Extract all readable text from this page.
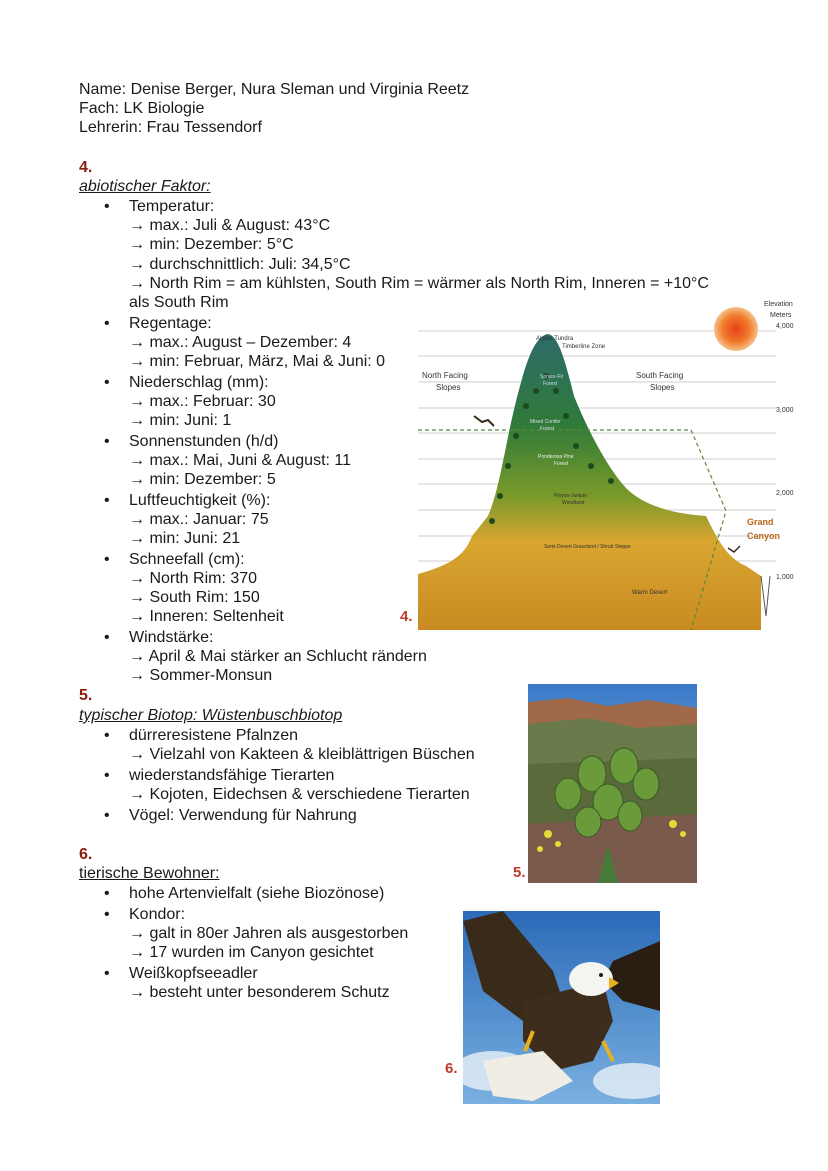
Name: Denise Berger, Nura Sleman und Virginia Reetz
Fach: LK Biologie
Lehrerin: Frau Tessendorf
4.
abiotischer Faktor:
• Temperatur:
→ max.: Juli & August: 43°C
→ min: Dezember: 5°C
→ durchschnittlich: Juli: 34,5°C
→ North Rim = am kühlsten, South Rim = wärmer als North Rim, Inneren = +10°C
als South Rim
• Regentage:
→ max.: August – Dezember: 4
→ min: Februar, März, Mai & Juni: 0
• Niederschlag (mm):
→ max.: Februar: 30
→ min: Juni: 1
• Sonnenstunden (h/d)
→ max.: Mai, Juni & August: 11
→ min: Dezember: 5
• Luftfeuchtigkeit (%):
→ max.: Januar: 75
→ min: Juni: 21
• Schneefall (cm):
→ North Rim: 370
→ South Rim: 150
→ Inneren: Seltenheit
• Windstärke:
→ April & Mai stärker an Schlucht rändern
→ Sommer-Monsun
4.
Alpine Tundra
Timberline Zone
Spruce-Fir
Forest
Mixed Conifer
Forest
Ponderosa Pine
Forest
Pinyon-Juniper
Woodland
Semi-Desert Grassland / Shrub Steppe
Warm Desert
North Facing
Slopes
South Facing
Slopes
Grand
Canyon
Elevation
Meters
4,000
3,000
2,000
1,000
5.
typischer Biotop: Wüstenbuschbiotop
• dürreresistene Pfalnzen
→ Vielzahl von Kakteen & kleiblättrigen Büschen
• wiederstandsfähige Tierarten
→ Kojoten, Eidechsen & verschiedene Tierarten
• Vögel: Verwendung für Nahrung
5.
6.
tierische Bewohner:
• hohe Artenvielfalt (siehe Biozönose)
• Kondor:
→ galt in 80er Jahren als ausgestorben
→ 17 wurden im Canyon gesichtet
• Weißkopfseeadler
→ besteht unter besonderem Schutz
6.
